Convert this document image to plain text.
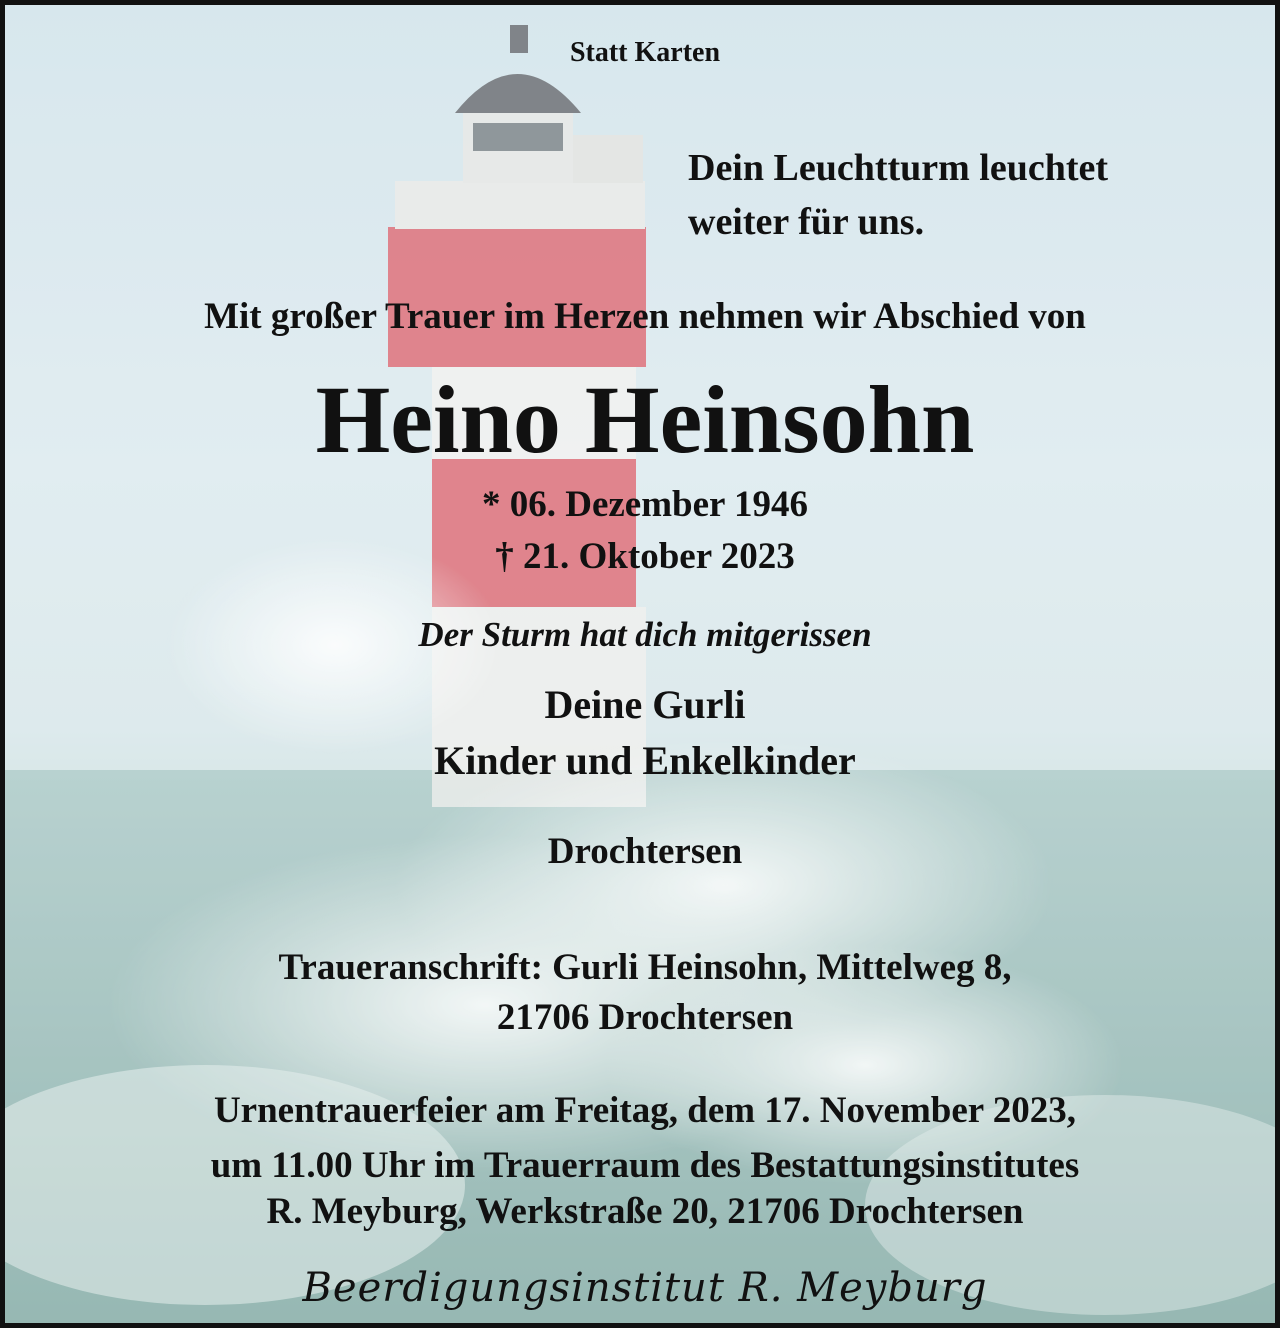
Statt Karten
Dein Leuchtturm leuchtet
weiter für uns.
Mit großer Trauer im Herzen nehmen wir Abschied von
Heino Heinsohn
* 06. Dezember 1946
† 21. Oktober 2023
Der Sturm hat dich mitgerissen
Deine Gurli
Kinder und Enkelkinder
Drochtersen
Traueranschrift: Gurli Heinsohn, Mittelweg 8,
21706 Drochtersen
Urnentrauerfeier am Freitag, dem 17. November 2023,
um 11.00 Uhr im Trauerraum des Bestattungsinstitutes
R. Meyburg, Werkstraße 20, 21706 Drochtersen
Beerdigungsinstitut R. Meyburg
